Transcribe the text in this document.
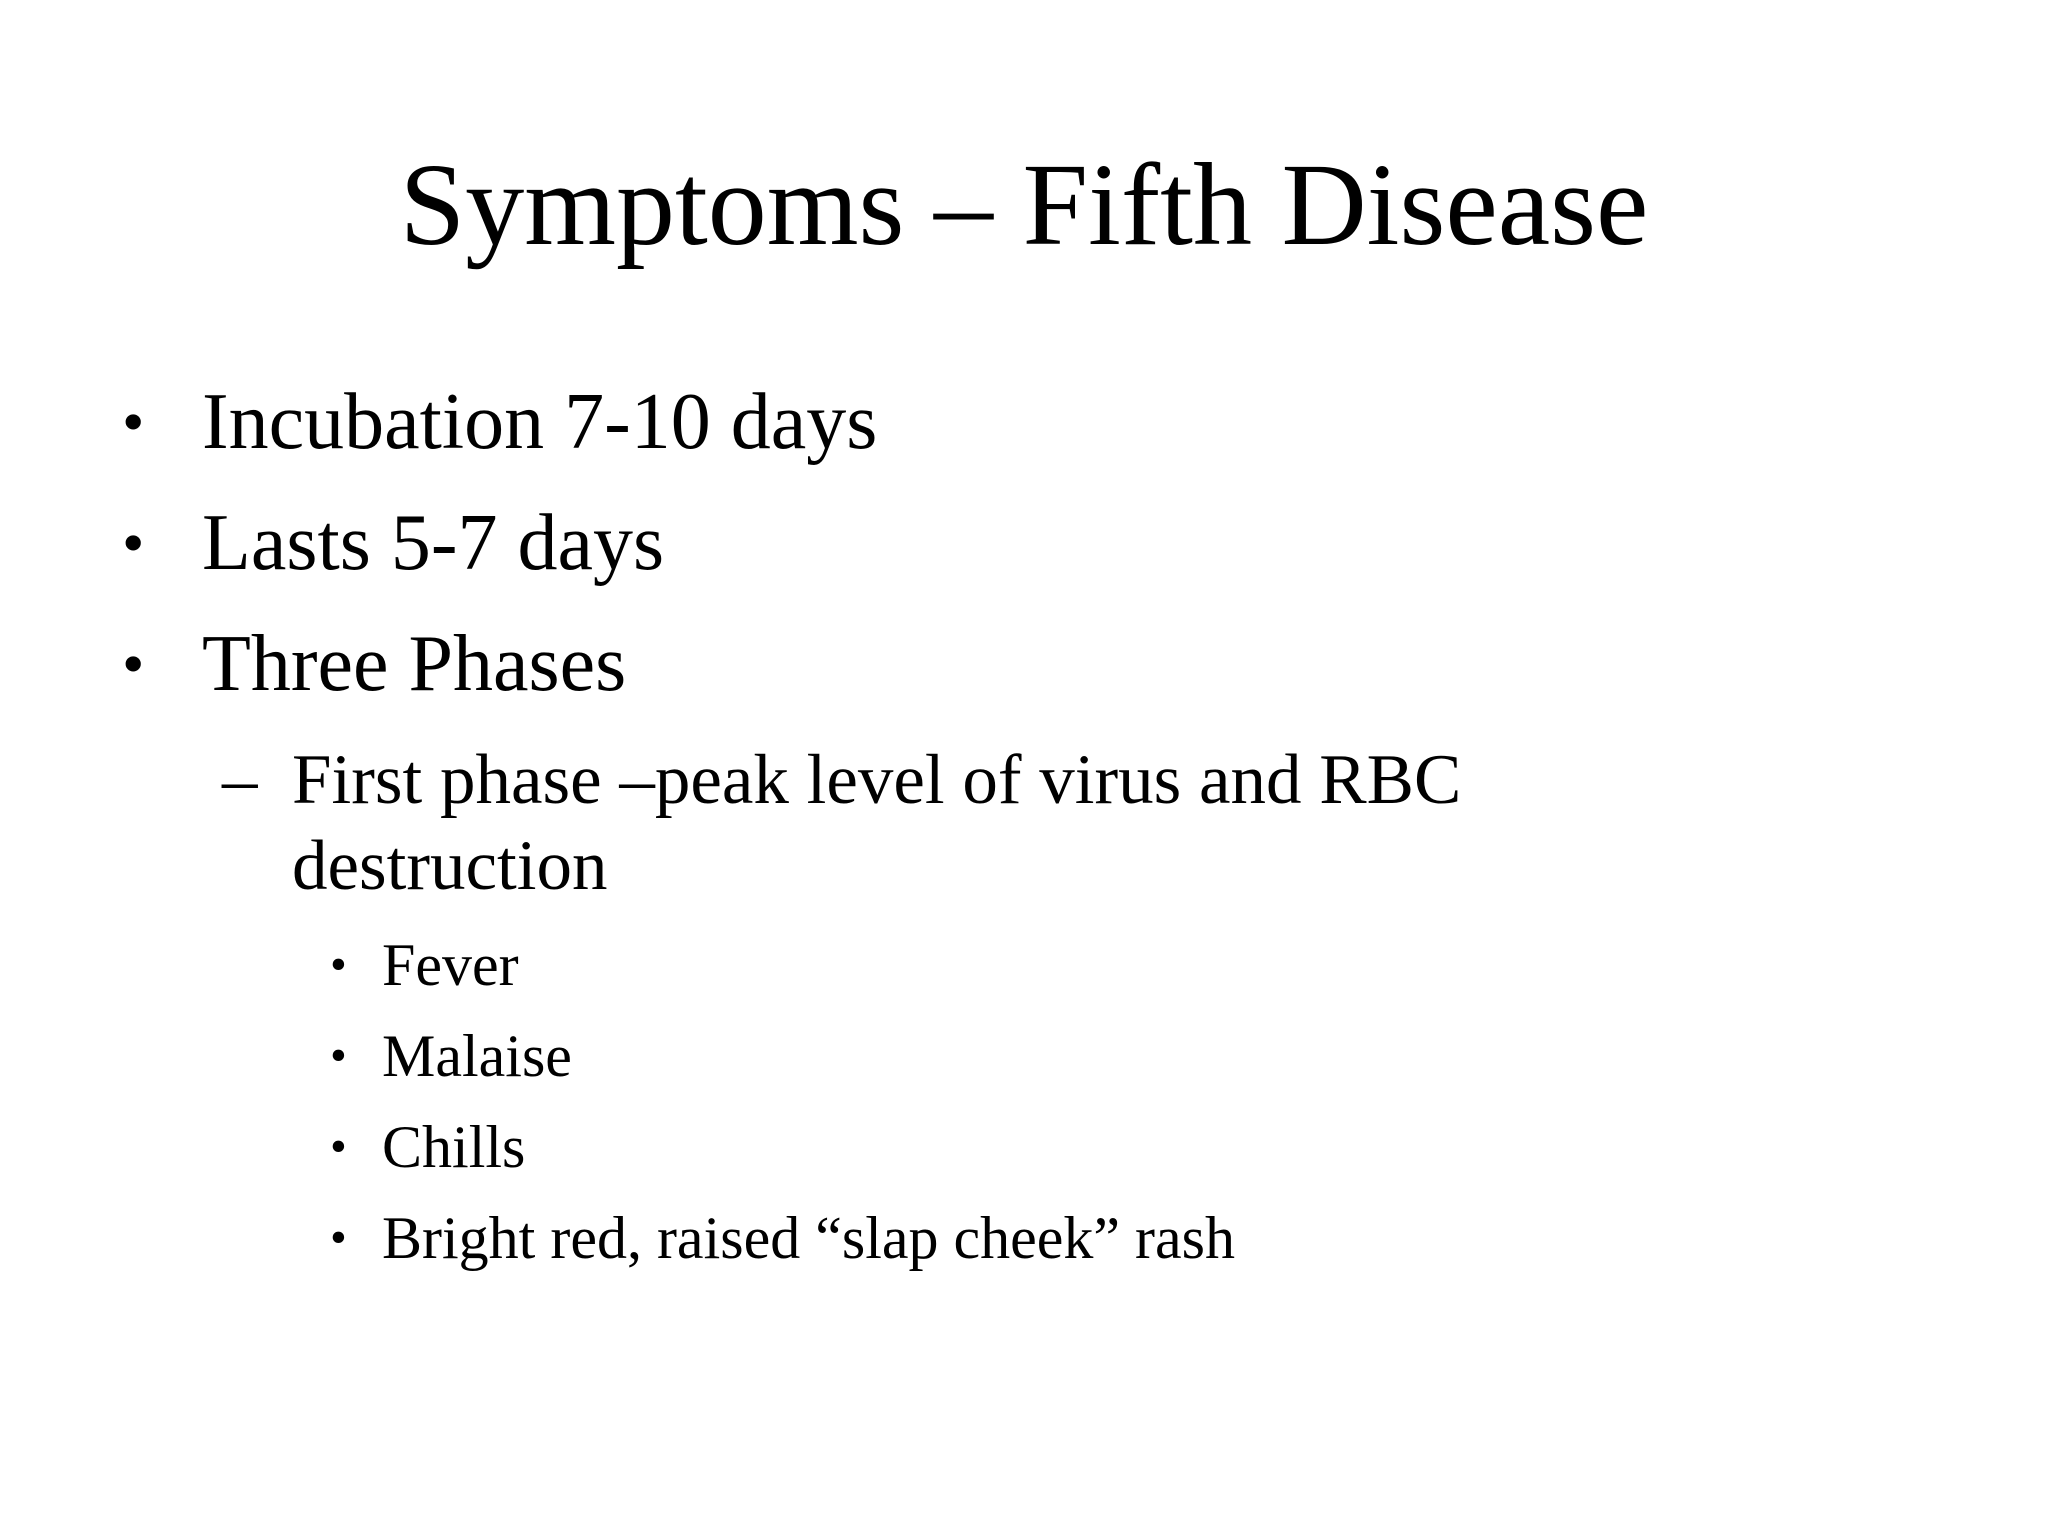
Symptoms – Fifth Disease
• Incubation 7-10 days
• Lasts 5-7 days
• Three Phases
– First phase –peak level of virus and RBC
destruction
• Fever
• Malaise
• Chills
• Bright red, raised “slap cheek” rash
